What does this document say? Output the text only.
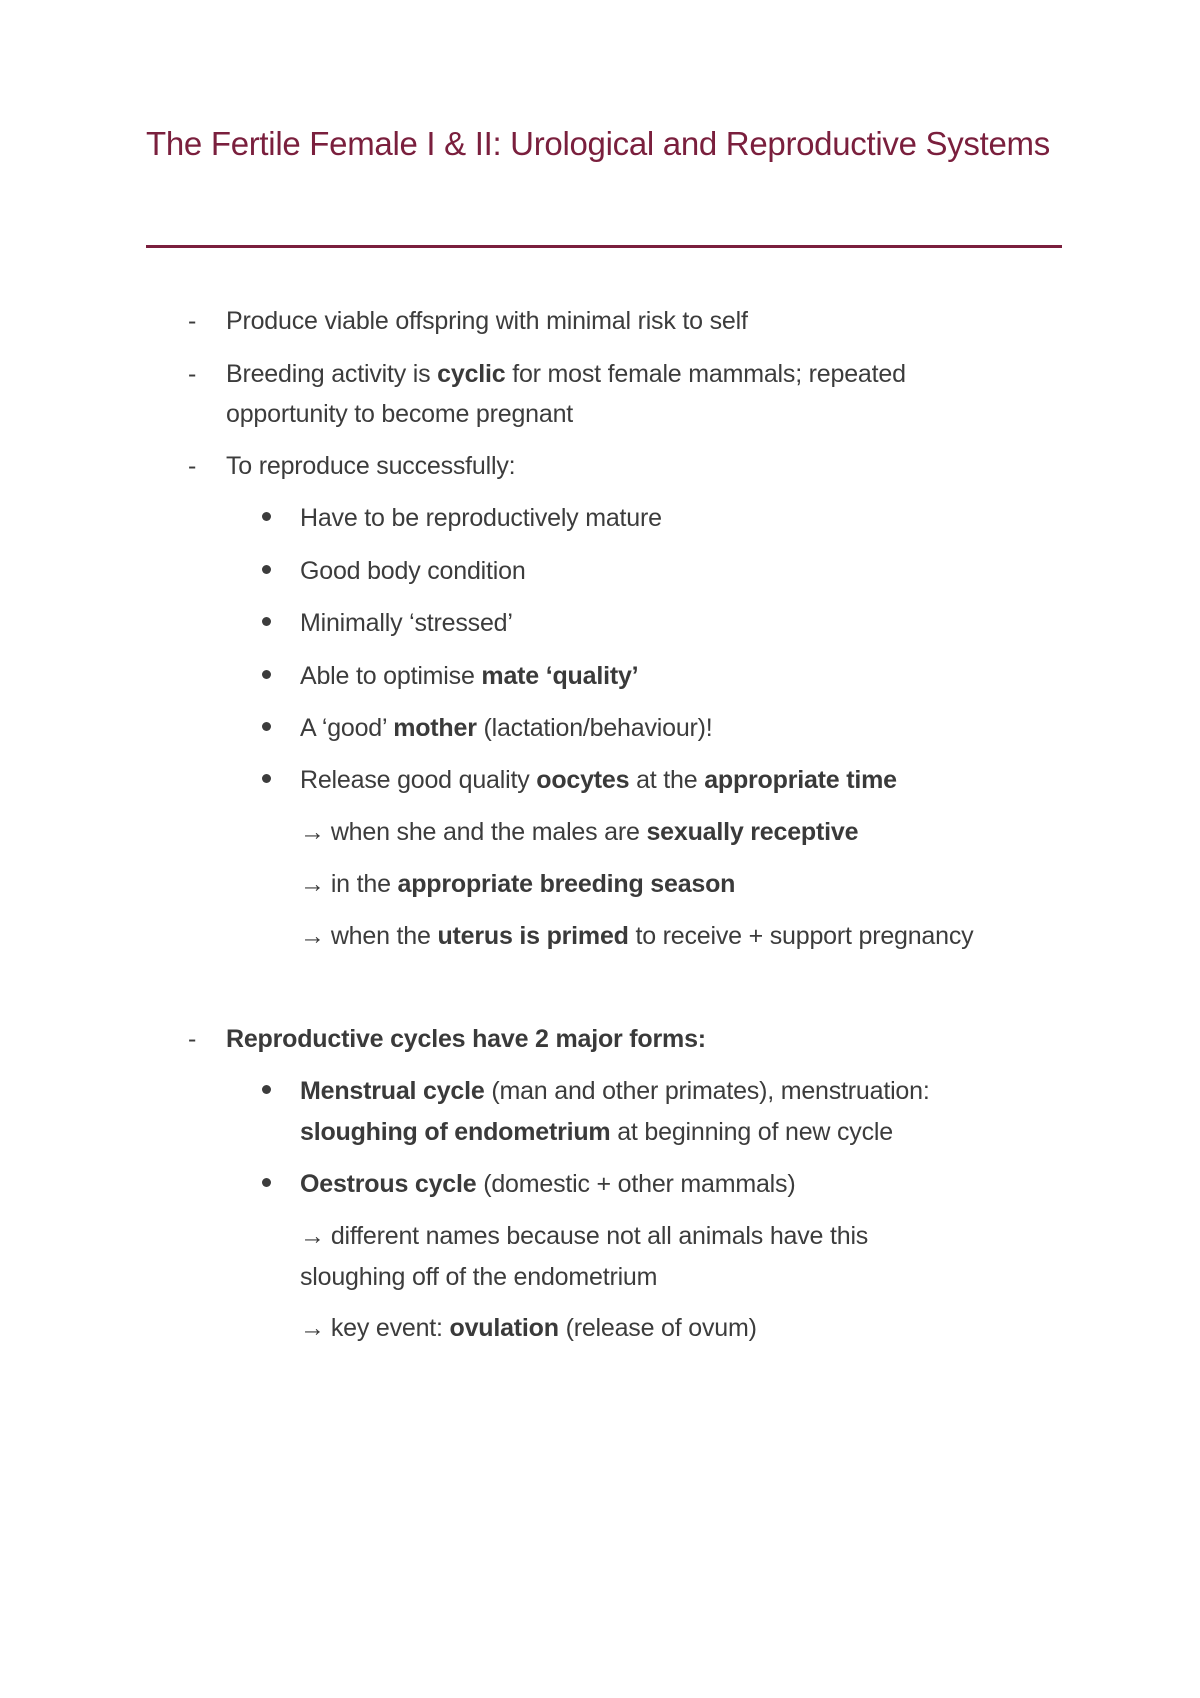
The Fertile Female I & II: Urological and Reproductive Systems
- Produce viable offspring with minimal risk to self
- Breeding activity is cyclic for most female mammals; repeated
opportunity to become pregnant
- To reproduce successfully:
Have to be reproductively mature
Good body condition
Minimally ‘stressed’
Able to optimise mate ‘quality’
A ‘good’ mother (lactation/behaviour)!
Release good quality oocytes at the appropriate time
→ when she and the males are sexually receptive
→ in the appropriate breeding season
→ when the uterus is primed to receive + support pregnancy
- Reproductive cycles have 2 major forms:
Menstrual cycle (man and other primates), menstruation:
sloughing of endometrium at beginning of new cycle
Oestrous cycle (domestic + other mammals)
→ different names because not all animals have this
sloughing off of the endometrium
→ key event: ovulation (release of ovum)
